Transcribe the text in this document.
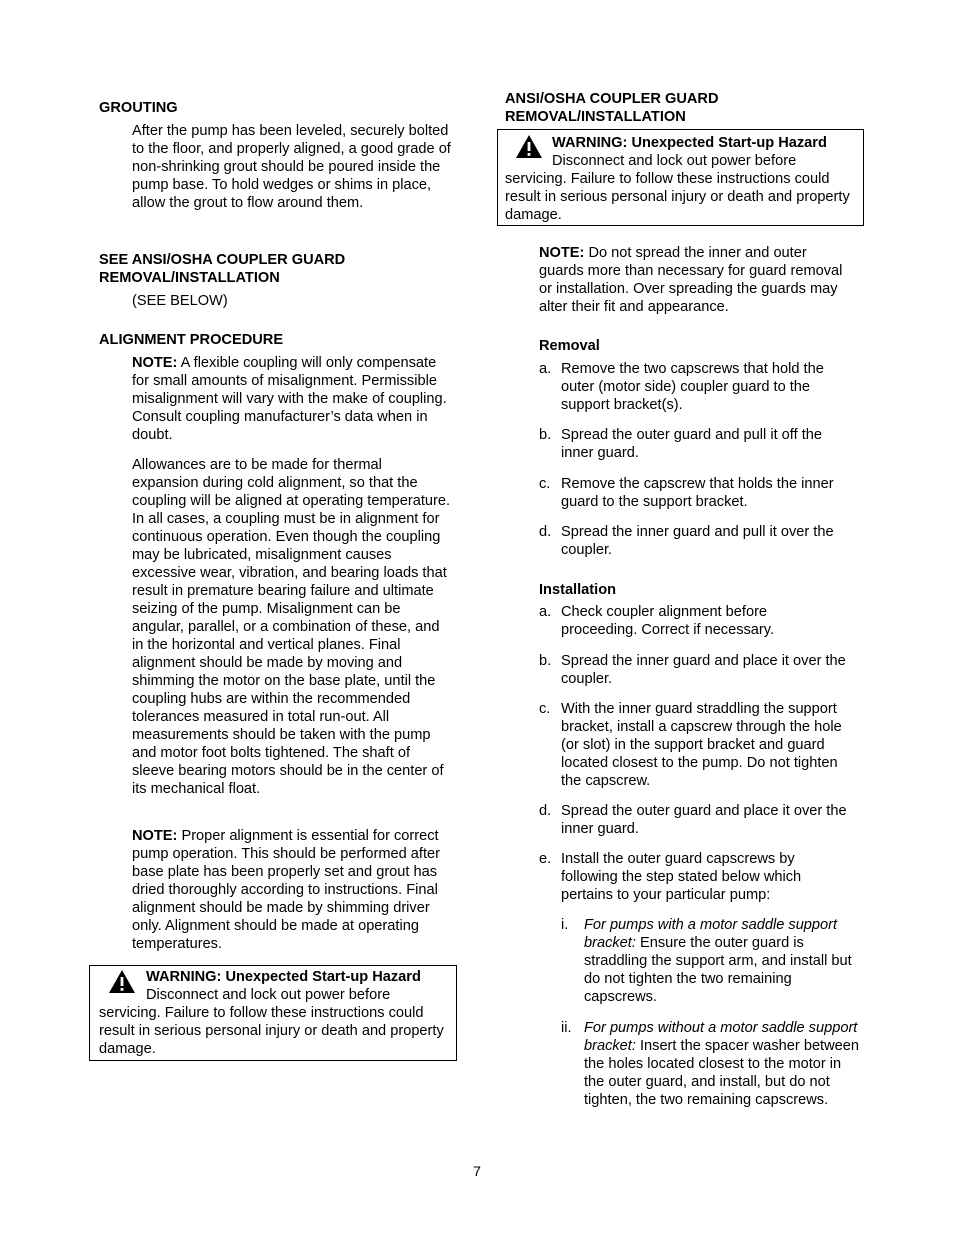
GROUTING

After the pump has been leveled, securely bolted to the floor, and properly aligned, a good grade of non-shrinking grout should be poured inside the pump base. To hold wedges or shims in place, allow the grout to flow around them.

SEE ANSI/OSHA COUPLER GUARD

REMOVAL/INSTALLATION

(SEE BELOW)

ALIGNMENT PROCEDURE

NOTE: A flexible coupling will only compensate for small amounts of misalignment. Permissible misalignment will vary with the make of coupling. Consult coupling manufacturer’s data when in doubt.

Allowances are to be made for thermal expansion during cold alignment, so that the coupling will be aligned at operating temperature. In all cases, a coupling must be in alignment for continuous operation. Even though the coupling may be lubricated, misalignment causes excessive wear, vibration, and bearing loads that result in premature bearing failure and ultimate seizing of the pump. Misalignment can be angular, parallel, or a combination of these, and in the horizontal and vertical planes. Final alignment should be made by moving and shimming the motor on the base plate, until the coupling hubs are within the recommended tolerances measured in total run-out. All measurements should be taken with the pump and motor foot bolts tightened. The shaft of sleeve bearing motors should be in the center of its mechanical float.

NOTE: Proper alignment is essential for correct pump operation. This should be performed after base plate has been properly set and grout has dried thoroughly according to instructions. Final alignment should be made by shimming driver only. Alignment should be made at operating temperatures.

WARNING: Unexpected Start-up Hazard

Disconnect and lock out power before servicing. Failure to follow these instructions could result in serious personal injury or death and property damage.

ANSI/OSHA COUPLER GUARD

REMOVAL/INSTALLATION

WARNING: Unexpected Start-up Hazard

Disconnect and lock out power before servicing. Failure to follow these instructions could result in serious personal injury or death and property damage.

NOTE: Do not spread the inner and outer guards more than necessary for guard removal or installation. Over spreading the guards may alter their fit and appearance.

Removal

a. Remove the two capscrews that hold the outer (motor side) coupler guard to the support bracket(s).

b. Spread the outer guard and pull it off the inner guard.

c. Remove the capscrew that holds the inner guard to the support bracket.

d. Spread the inner guard and pull it over the coupler.

Installation

a. Check coupler alignment before proceeding. Correct if necessary.

b. Spread the inner guard and place it over the coupler.

c. With the inner guard straddling the support bracket, install a capscrew through the hole (or slot) in the support bracket and guard located closest to the pump. Do not tighten the capscrew.

d. Spread the outer guard and place it over the inner guard.

e. Install the outer guard capscrews by following the step stated below which pertains to your particular pump:

i. For pumps with a motor saddle support bracket: Ensure the outer guard is straddling the support arm, and install but do not tighten the two remaining capscrews.

ii. For pumps without a motor saddle support bracket: Insert the spacer washer between the holes located closest to the motor in the outer guard, and install, but do not tighten, the two remaining capscrews.

7
